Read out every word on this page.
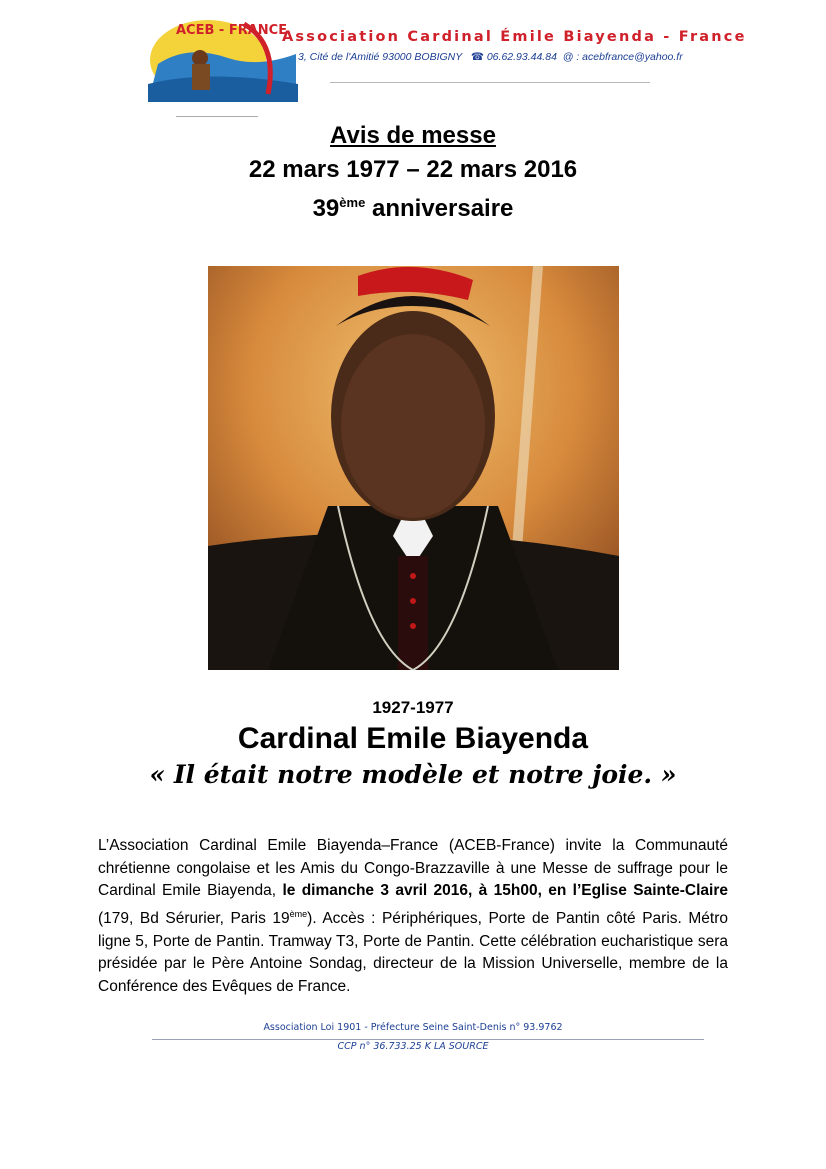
ACEB - FRANCE
Association Cardinal Émile Biayenda - France
3, Cité de l'Amitié 93000 BOBIGNY ☎ 06.62.93.44.84 @ : acebfrance@yahoo.fr
Avis de messe
22 mars 1977 – 22 mars 2016
39ème anniversaire
1927-1977
Cardinal Emile Biayenda
« Il était notre modèle et notre joie. »
L’Association Cardinal Emile Biayenda–France (ACEB-France) invite la Communauté chrétienne congolaise et les Amis du Congo-Brazzaville à une Messe de suffrage pour le Cardinal Emile Biayenda, le dimanche 3 avril 2016, à 15h00, en l’Eglise Sainte-Claire (179, Bd Sérurier, Paris 19ème). Accès : Périphériques, Porte de Pantin côté Paris. Métro ligne 5, Porte de Pantin. Tramway T3, Porte de Pantin. Cette célébration eucharistique sera présidée par le Père Antoine Sondag, directeur de la Mission Universelle, membre de la Conférence des Evêques de France.
Association Loi 1901 - Préfecture Seine Saint-Denis n° 93.9762
CCP n° 36.733.25 K LA SOURCE
